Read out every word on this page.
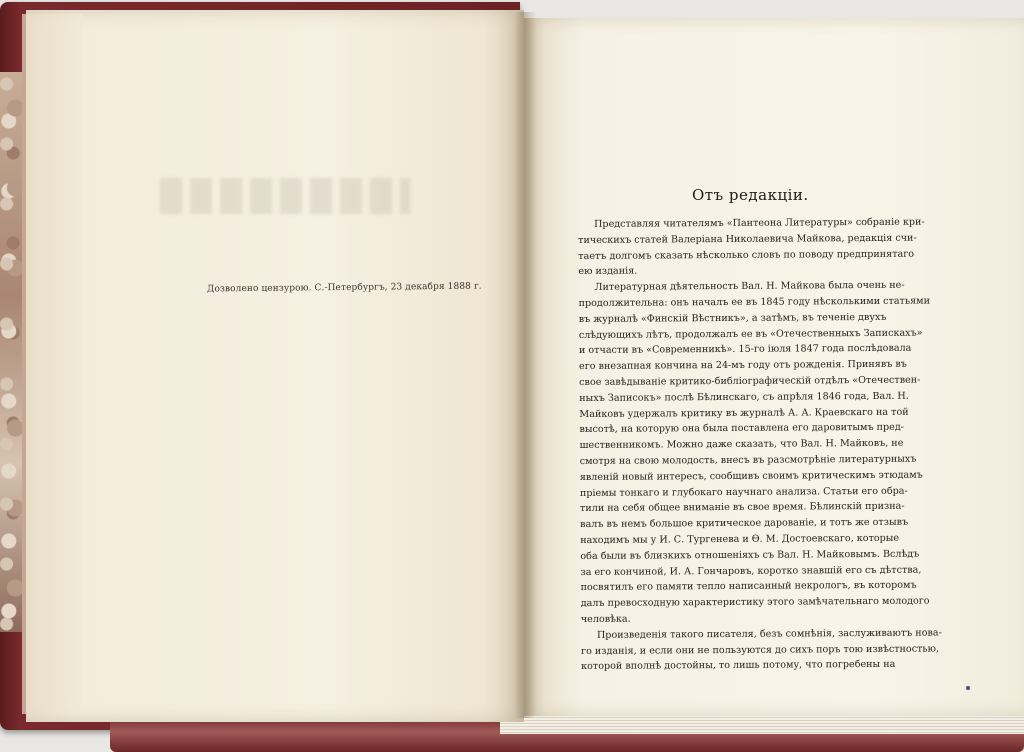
Дозволено цензурою. С.-Петербургъ, 23 декабря 1888 г.
Отъ редакціи.
Представляя читателямъ «Пантеона Литературы» собраніе кри-
тическихъ статей Валеріана Николаевича Майкова, редакція счи-
таетъ долгомъ сказать нѣсколько словъ по поводу предпринятаго
ею изданія.
Литературная дѣятельность Вал. Н. Майкова была очень не-
продолжительна: онъ началъ ее въ 1845 году нѣсколькими статьями
въ журналѣ «Финскій Вѣстникъ», а затѣмъ, въ теченіе двухъ
слѣдующихъ лѣтъ, продолжалъ ее въ «Отечественныхъ Запискахъ»
и отчасти въ «Современникѣ». 15-го іюля 1847 года послѣдовала
его внезапная кончина на 24-мъ году отъ рожденія. Принявъ въ
свое завѣдываніе критико-библіографическій отдѣлъ «Отечествен-
ныхъ Записокъ» послѣ Бѣлинскаго, съ апрѣля 1846 года, Вал. Н.
Майковъ удержалъ критику въ журналѣ А. А. Краевскаго на той
высотѣ, на которую она была поставлена его даровитымъ пред-
шественникомъ. Можно даже сказать, что Вал. Н. Майковъ, не
смотря на свою молодость, внесъ въ разсмотрѣніе литературныхъ
явленій новый интересъ, сообщивъ своимъ критическимъ этюдамъ
пріемы тонкаго и глубокаго научнаго анализа. Статьи его обра-
тили на себя общее вниманіе въ свое время. Бѣлинскій призна-
валъ въ немъ большое критическое дарованіе, и тотъ же отзывъ
находимъ мы у И. С. Тургенева и Ѳ. М. Достоевскаго, которые
оба были въ близкихъ отношеніяхъ съ Вал. Н. Майковымъ. Вслѣдъ
за его кончиной, И. А. Гончаровъ, коротко знавшій его съ дѣтства,
посвятилъ его памяти тепло написанный некрологъ, въ которомъ
далъ превосходную характеристику этого замѣчательнаго молодого
человѣка.
Произведенія такого писателя, безъ сомнѣнія, заслуживаютъ нова-
го изданія, и если они не пользуются до сихъ поръ тою извѣстностью,
которой вполнѣ достойны, то лишь потому, что погребены на
